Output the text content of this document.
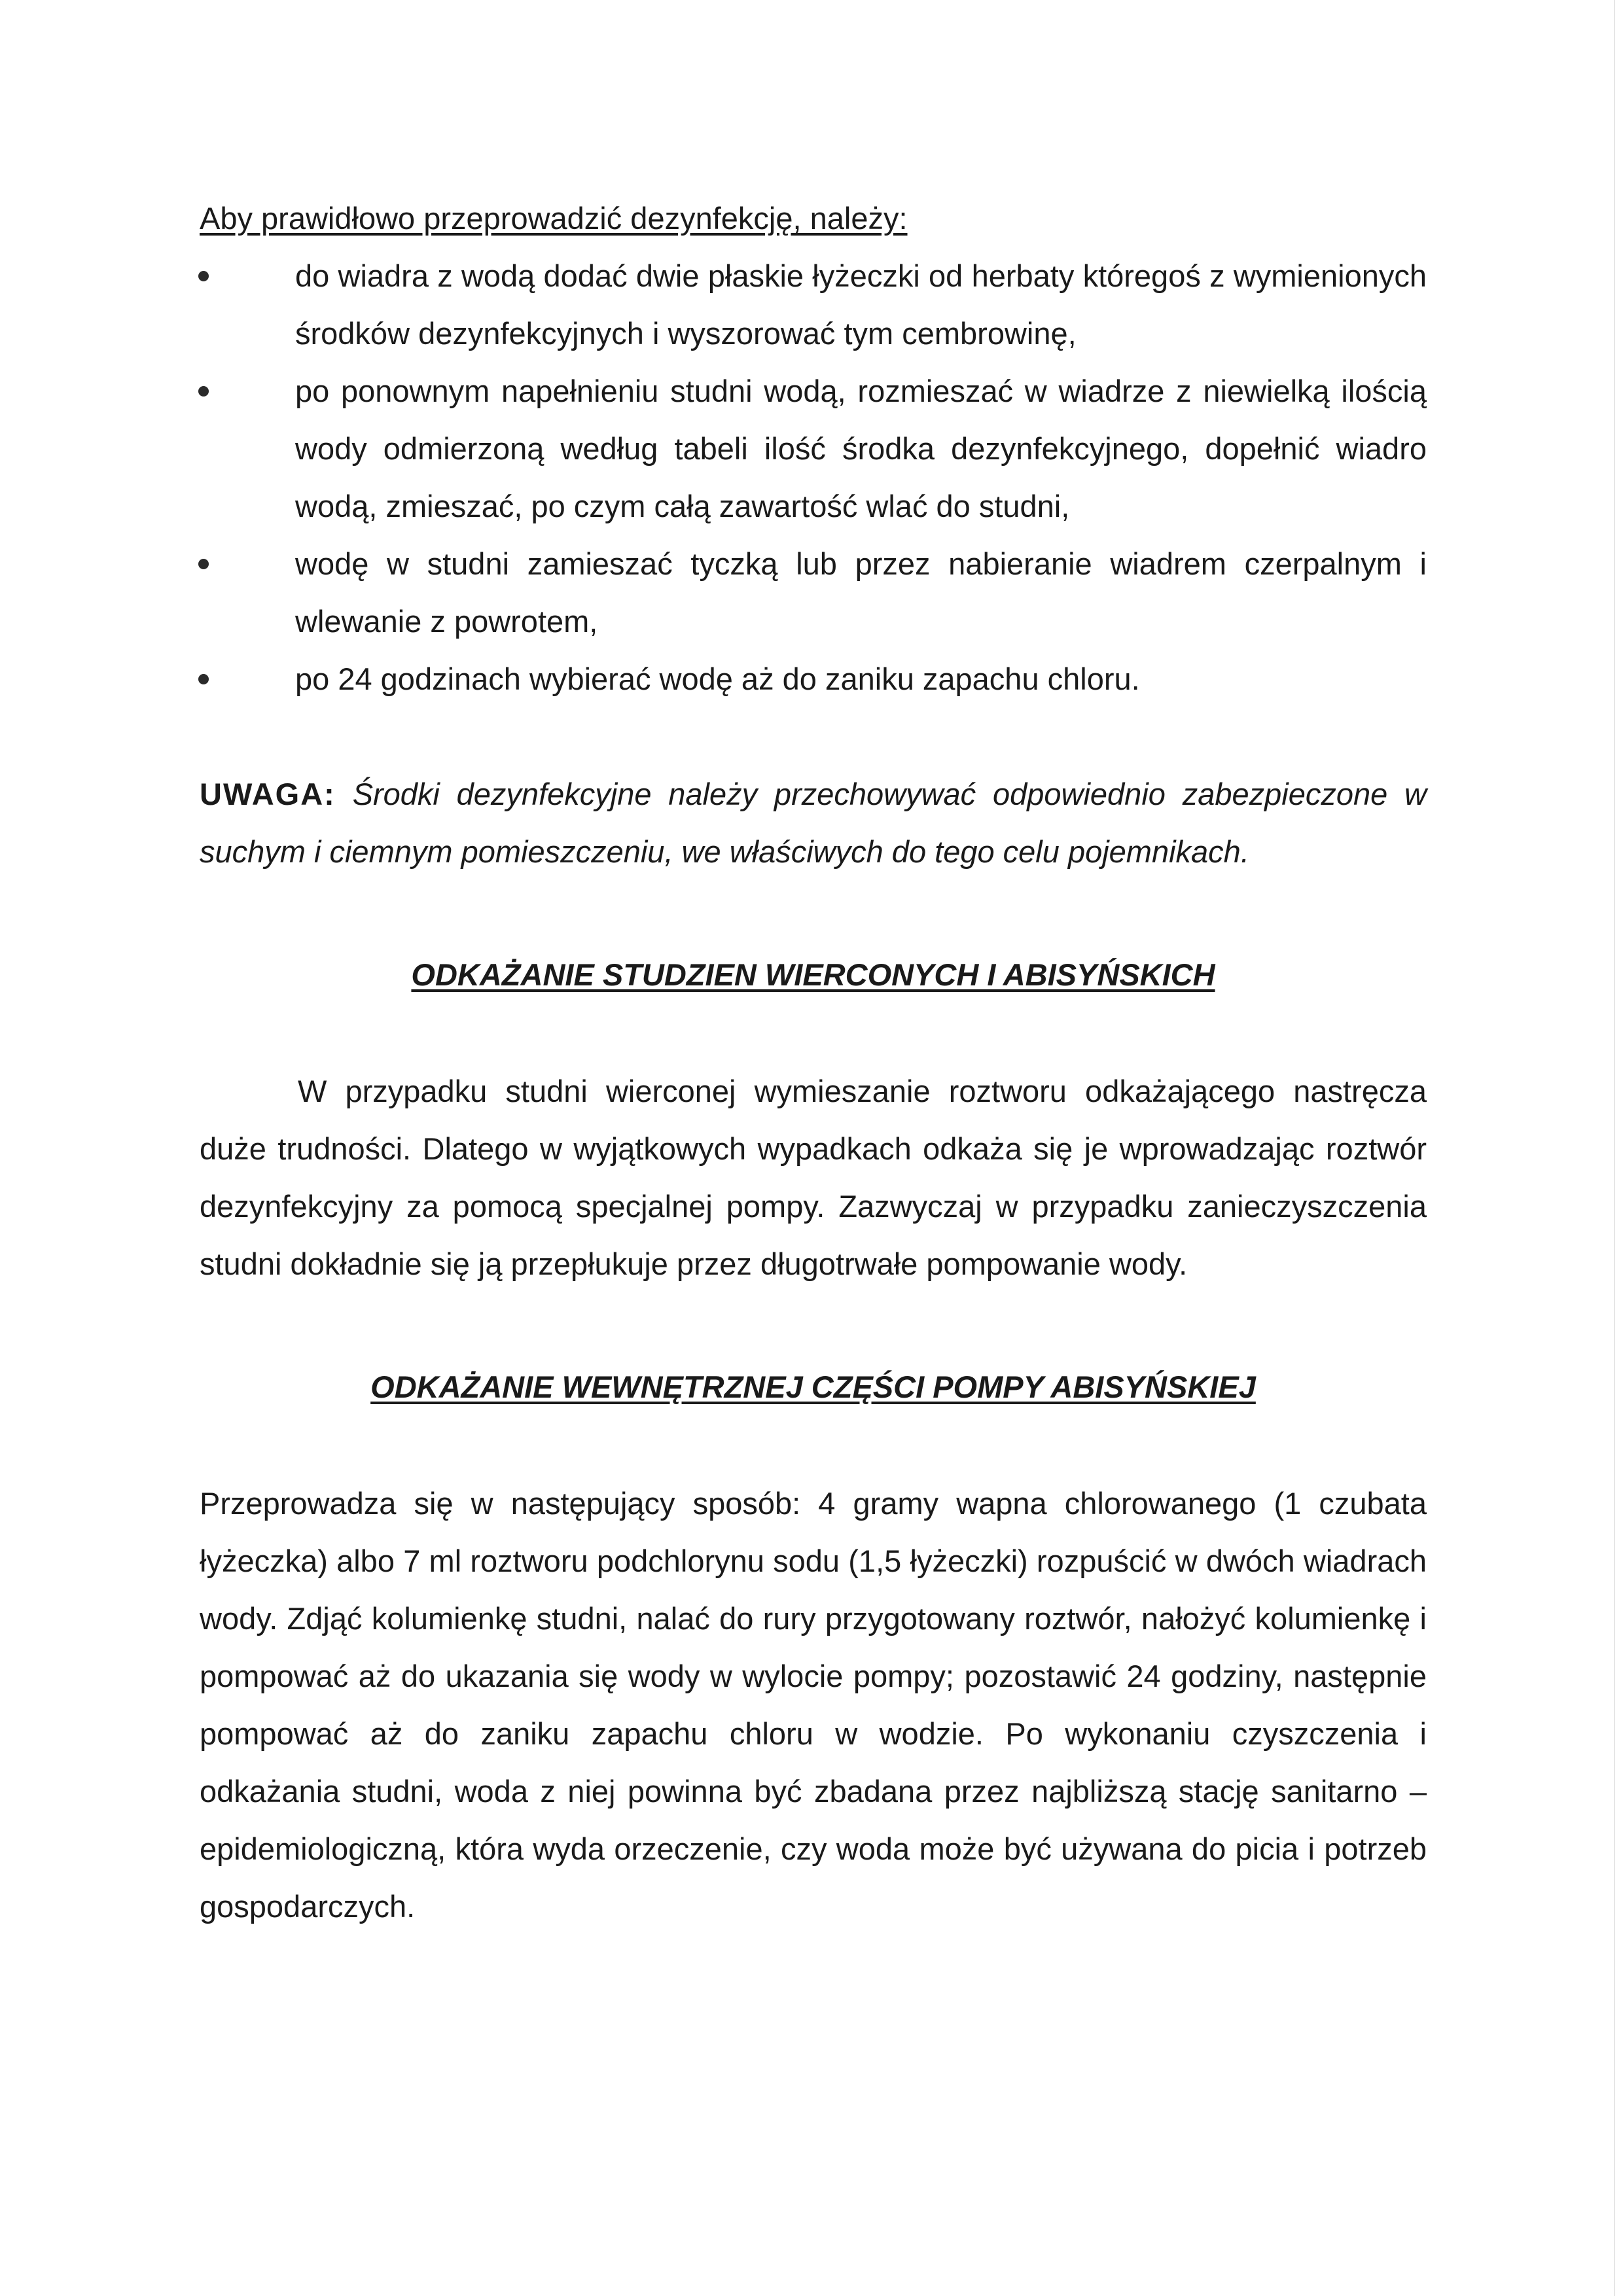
Aby prawidłowo przeprowadzić dezynfekcję, należy:

do wiadra z wodą dodać dwie płaskie łyżeczki od herbaty któregoś z wymienionych środków dezynfekcyjnych i wyszorować tym cembrowinę,
po ponownym napełnieniu studni wodą, rozmieszać w wiadrze z niewielką ilością wody odmierzoną według tabeli ilość środka dezynfekcyjnego, dopełnić wiadro wodą, zmieszać, po czym całą zawartość wlać do studni,
wodę w studni zamieszać tyczką lub przez nabieranie wiadrem czerpalnym i wlewanie z powrotem,
po 24 godzinach wybierać wodę aż do zaniku zapachu chloru.

UWAGA: Środki dezynfekcyjne należy przechowywać odpowiednio zabezpieczone w suchym i ciemnym pomieszczeniu, we właściwych do tego celu pojemnikach.

ODKAŻANIE STUDZIEN WIERCONYCH I ABISYŃSKICH

W przypadku studni wierconej wymieszanie roztworu odkażającego nastręcza duże trudności. Dlatego w wyjątkowych wypadkach odkaża się je wprowadzając roztwór dezynfekcyjny za pomocą specjalnej pompy. Zazwyczaj w przypadku zanieczyszczenia studni dokładnie się ją przepłukuje przez długotrwałe pompowanie wody.

ODKAŻANIE WEWNĘTRZNEJ CZĘŚCI POMPY ABISYŃSKIEJ

Przeprowadza się w następujący sposób: 4 gramy wapna chlorowanego (1 czubata łyżeczka) albo 7 ml roztworu podchlorynu sodu (1,5 łyżeczki) rozpuścić w dwóch wiadrach wody. Zdjąć kolumienkę studni, nalać do rury przygotowany roztwór, nałożyć kolumienkę i pompować aż do ukazania się wody w wylocie pompy; pozostawić 24 godziny, następnie pompować aż do zaniku zapachu chloru w wodzie. Po wykonaniu czyszczenia i odkażania studni, woda z niej powinna być zbadana przez najbliższą stację sanitarno – epidemiologiczną, która wyda orzeczenie, czy woda może być używana do picia i potrzeb gospodarczych.
